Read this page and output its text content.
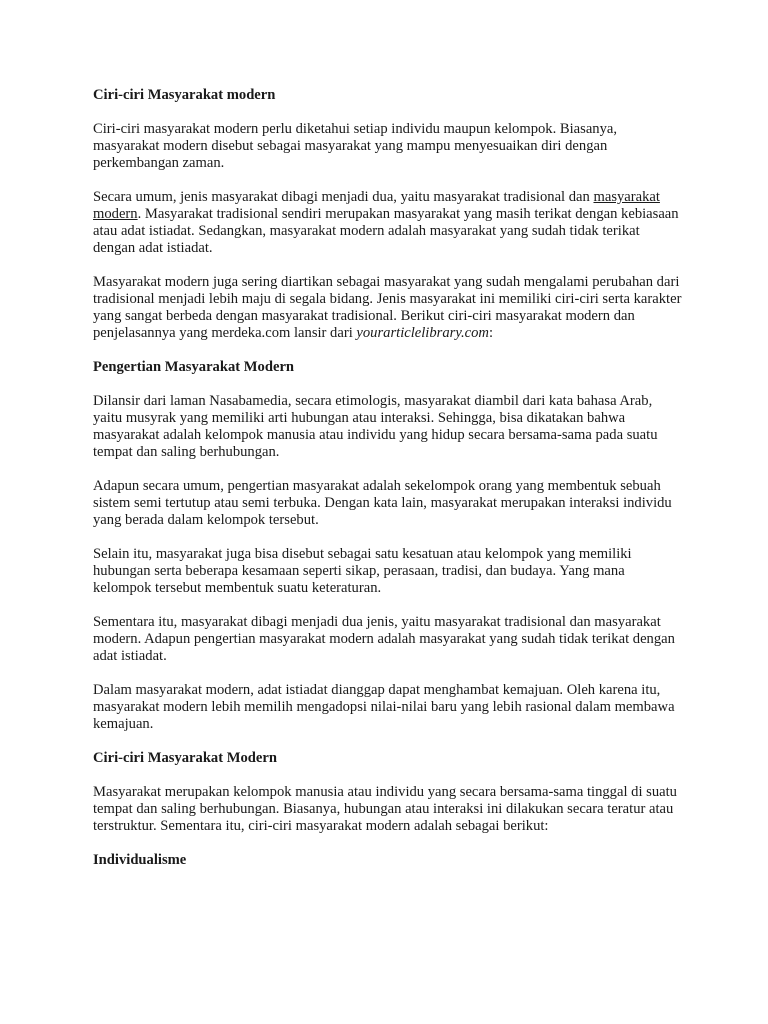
Ciri-ciri Masyarakat modern

Ciri-ciri masyarakat modern perlu diketahui setiap individu maupun kelompok. Biasanya, masyarakat modern disebut sebagai masyarakat yang mampu menyesuaikan diri dengan perkembangan zaman.

Secara umum, jenis masyarakat dibagi menjadi dua, yaitu masyarakat tradisional dan masyarakat modern. Masyarakat tradisional sendiri merupakan masyarakat yang masih terikat dengan kebiasaan atau adat istiadat. Sedangkan, masyarakat modern adalah masyarakat yang sudah tidak terikat dengan adat istiadat.

Masyarakat modern juga sering diartikan sebagai masyarakat yang sudah mengalami perubahan dari tradisional menjadi lebih maju di segala bidang. Jenis masyarakat ini memiliki ciri-ciri serta karakter yang sangat berbeda dengan masyarakat tradisional. Berikut ciri-ciri masyarakat modern dan penjelasannya yang merdeka.com lansir dari yourarticlelibrary.com:

Pengertian Masyarakat Modern

Dilansir dari laman Nasabamedia, secara etimologis, masyarakat diambil dari kata bahasa Arab, yaitu musyrak yang memiliki arti hubungan atau interaksi. Sehingga, bisa dikatakan bahwa masyarakat adalah kelompok manusia atau individu yang hidup secara bersama-sama pada suatu tempat dan saling berhubungan.

Adapun secara umum, pengertian masyarakat adalah sekelompok orang yang membentuk sebuah sistem semi tertutup atau semi terbuka. Dengan kata lain, masyarakat merupakan interaksi individu yang berada dalam kelompok tersebut.

Selain itu, masyarakat juga bisa disebut sebagai satu kesatuan atau kelompok yang memiliki hubungan serta beberapa kesamaan seperti sikap, perasaan, tradisi, dan budaya. Yang mana kelompok tersebut membentuk suatu keteraturan.

Sementara itu, masyarakat dibagi menjadi dua jenis, yaitu masyarakat tradisional dan masyarakat modern. Adapun pengertian masyarakat modern adalah masyarakat yang sudah tidak terikat dengan adat istiadat.

Dalam masyarakat modern, adat istiadat dianggap dapat menghambat kemajuan. Oleh karena itu, masyarakat modern lebih memilih mengadopsi nilai-nilai baru yang lebih rasional dalam membawa kemajuan.

Ciri-ciri Masyarakat Modern

Masyarakat merupakan kelompok manusia atau individu yang secara bersama-sama tinggal di suatu tempat dan saling berhubungan. Biasanya, hubungan atau interaksi ini dilakukan secara teratur atau terstruktur. Sementara itu, ciri-ciri masyarakat modern adalah sebagai berikut:

Individualisme
